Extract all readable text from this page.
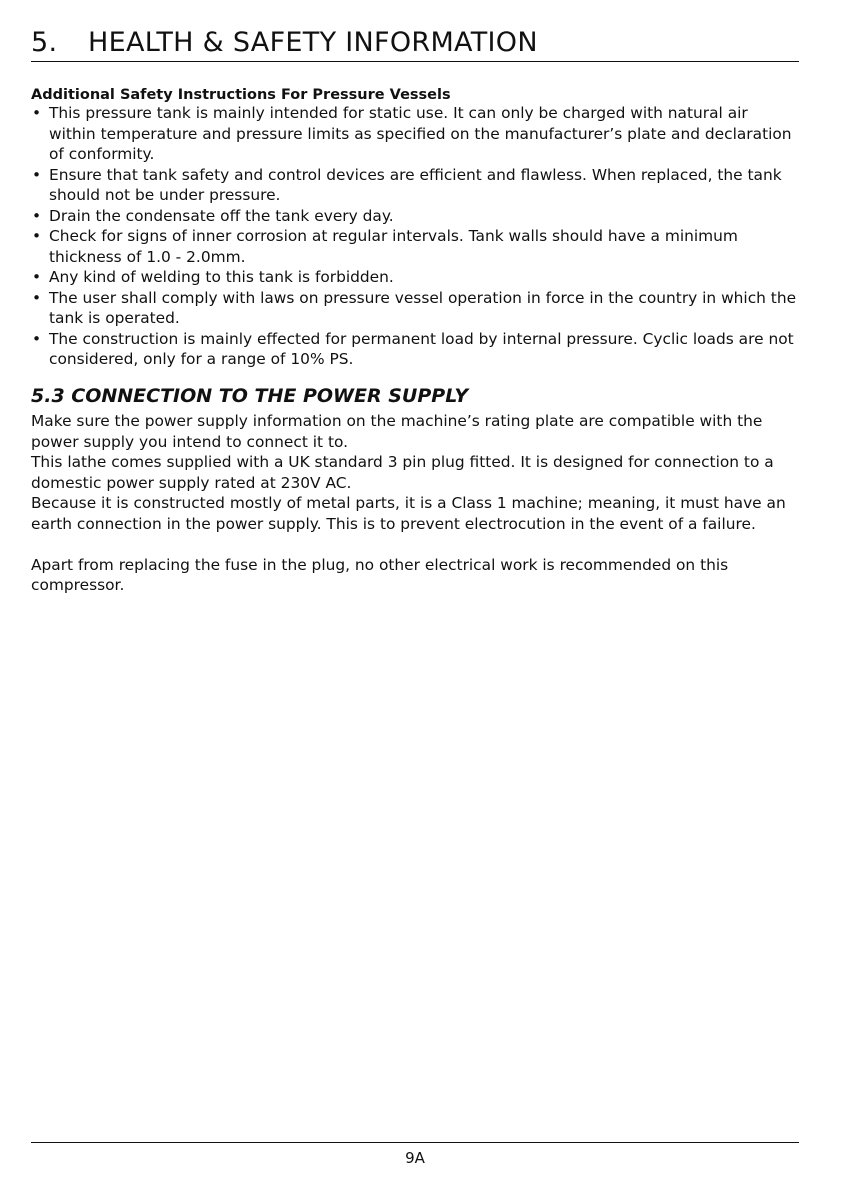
5. HEALTH & SAFETY INFORMATION
Additional Safety Instructions For Pressure Vessels
• This pressure tank is mainly intended for static use. It can only be charged with natural air within temperature and pressure limits as specified on the manufacturer’s plate and declaration of conformity.
• Ensure that tank safety and control devices are efficient and flawless. When replaced, the tank should not be under pressure.
• Drain the condensate off the tank every day.
• Check for signs of inner corrosion at regular intervals. Tank walls should have a minimum thickness of 1.0 - 2.0mm.
• Any kind of welding to this tank is forbidden.
• The user shall comply with laws on pressure vessel operation in force in the country in which the tank is operated.
• The construction is mainly effected for permanent load by internal pressure. Cyclic loads are not considered, only for a range of 10% PS.
5.3 CONNECTION TO THE POWER SUPPLY

Make sure the power supply information on the machine’s rating plate are compatible with the power supply you intend to connect it to.

This lathe comes supplied with a UK standard 3 pin plug fitted. It is designed for connection to a domestic power supply rated at 230V AC.

Because it is constructed mostly of metal parts, it is a Class 1 machine; meaning, it must have an earth connection in the power supply. This is to prevent electrocution in the event of a failure.

Apart from replacing the fuse in the plug, no other electrical work is recommended on this compressor.

9A
